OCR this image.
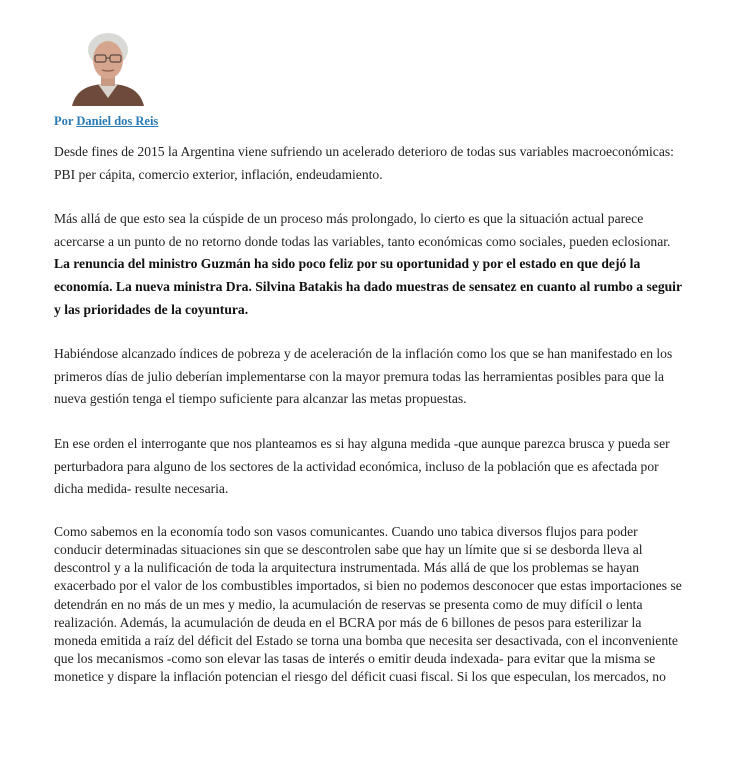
Por Daniel dos Reis

Desde fines de 2015 la Argentina viene sufriendo un acelerado deterioro de todas sus variables macroeconómicas: PBI per cápita, comercio exterior, inflación, endeudamiento.

Más allá de que esto sea la cúspide de un proceso más prolongado, lo cierto es que la situación actual parece acercarse a un punto de no retorno donde todas las variables, tanto económicas como sociales, pueden eclosionar. La renuncia del ministro Guzmán ha sido poco feliz por su oportunidad y por el estado en que dejó la economía. La nueva ministra Dra. Silvina Batakis ha dado muestras de sensatez en cuanto al rumbo a seguir y las prioridades de la coyuntura.

Habiéndose alcanzado índices de pobreza y de aceleración de la inflación como los que se han manifestado en los primeros días de julio deberían implementarse con la mayor premura todas las herramientas posibles para que la nueva gestión tenga el tiempo suficiente para alcanzar las metas propuestas.

En ese orden el interrogante que nos planteamos es si hay alguna medida -que aunque parezca brusca y pueda ser perturbadora para alguno de los sectores de la actividad económica, incluso de la población que es afectada por dicha medida- resulte necesaria.

Como sabemos en la economía todo son vasos comunicantes. Cuando uno tabica diversos flujos para poder conducir determinadas situaciones sin que se descontrolen sabe que hay un límite que si se desborda lleva al descontrol y a la nulificación de toda la arquitectura instrumentada. Más allá de que los problemas se hayan exacerbado por el valor de los combustibles importados, si bien no podemos desconocer que estas importaciones se detendrán en no más de un mes y medio, la acumulación de reservas se presenta como de muy difícil o lenta realización. Además, la acumulación de deuda en el BCRA por más de 6 billones de pesos para esterilizar la moneda emitida a raíz del déficit del Estado se torna una bomba que necesita ser desactivada, con el inconveniente que los mecanismos -como son elevar las tasas de interés o emitir deuda indexada- para evitar que la misma se monetice y dispare la inflación potencian el riesgo del déficit cuasi fiscal. Si los que especulan, los mercados, no
